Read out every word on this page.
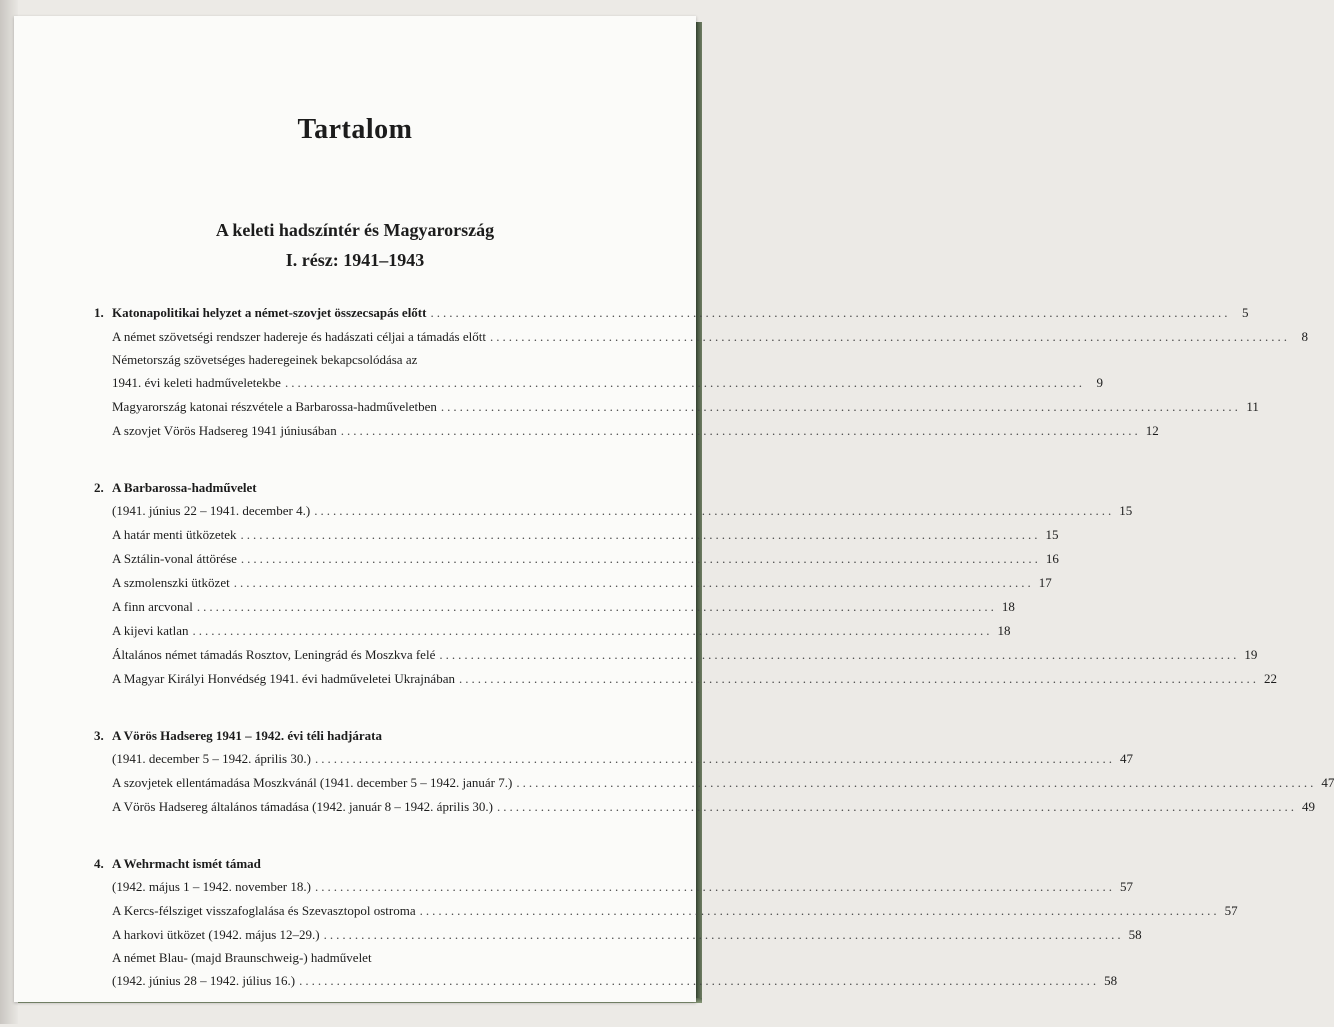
Tartalom
A keleti hadszíntér és Magyarország
I. rész: 1941–1943
1. Katonapolitikai helyzet a német-szovjet összecsapás előtt ................................................................................................................................ 5
A német szövetségi rendszer hadereje és hadászati céljai a támadás előtt ................................................................................................................................ 8
Németország szövetséges haderegeinek bekapcsolódása az
1941. évi keleti hadműveletekbe ................................................................................................................................ 9
Magyarország katonai részvétele a Barbarossa-hadműveletben ................................................................................................................................ 11
A szovjet Vörös Hadsereg 1941 júniusában ................................................................................................................................ 12
2. A Barbarossa-hadművelet
(1941. június 22 – 1941. december 4.) ................................................................................................................................ 15
A határ menti ütközetek ................................................................................................................................ 15
A Sztálin-vonal áttörése ................................................................................................................................ 16
A szmolenszki ütközet ................................................................................................................................ 17
A finn arcvonal ................................................................................................................................ 18
A kijevi katlan ................................................................................................................................ 18
Általános német támadás Rosztov, Leningrád és Moszkva felé ................................................................................................................................ 19
A Magyar Királyi Honvédség 1941. évi hadműveletei Ukrajnában ................................................................................................................................ 22
3. A Vörös Hadsereg 1941 – 1942. évi téli hadjárata
(1941. december 5 – 1942. április 30.) ................................................................................................................................ 47
A szovjetek ellentámadása Moszkvánál (1941. december 5 – 1942. január 7.) ................................................................................................................................ 47
A Vörös Hadsereg általános támadása (1942. január 8 – 1942. április 30.) ................................................................................................................................ 49
4. A Wehrmacht ismét támad
(1942. május 1 – 1942. november 18.) ................................................................................................................................ 57
A Kercs-félsziget visszafoglalása és Szevasztopol ostroma ................................................................................................................................ 57
A harkovi ütközet (1942. május 12–29.) ................................................................................................................................ 58
A német Blau- (majd Braunschweig-) hadművelet
(1942. június 28 – 1942. július 16.) ................................................................................................................................ 58
